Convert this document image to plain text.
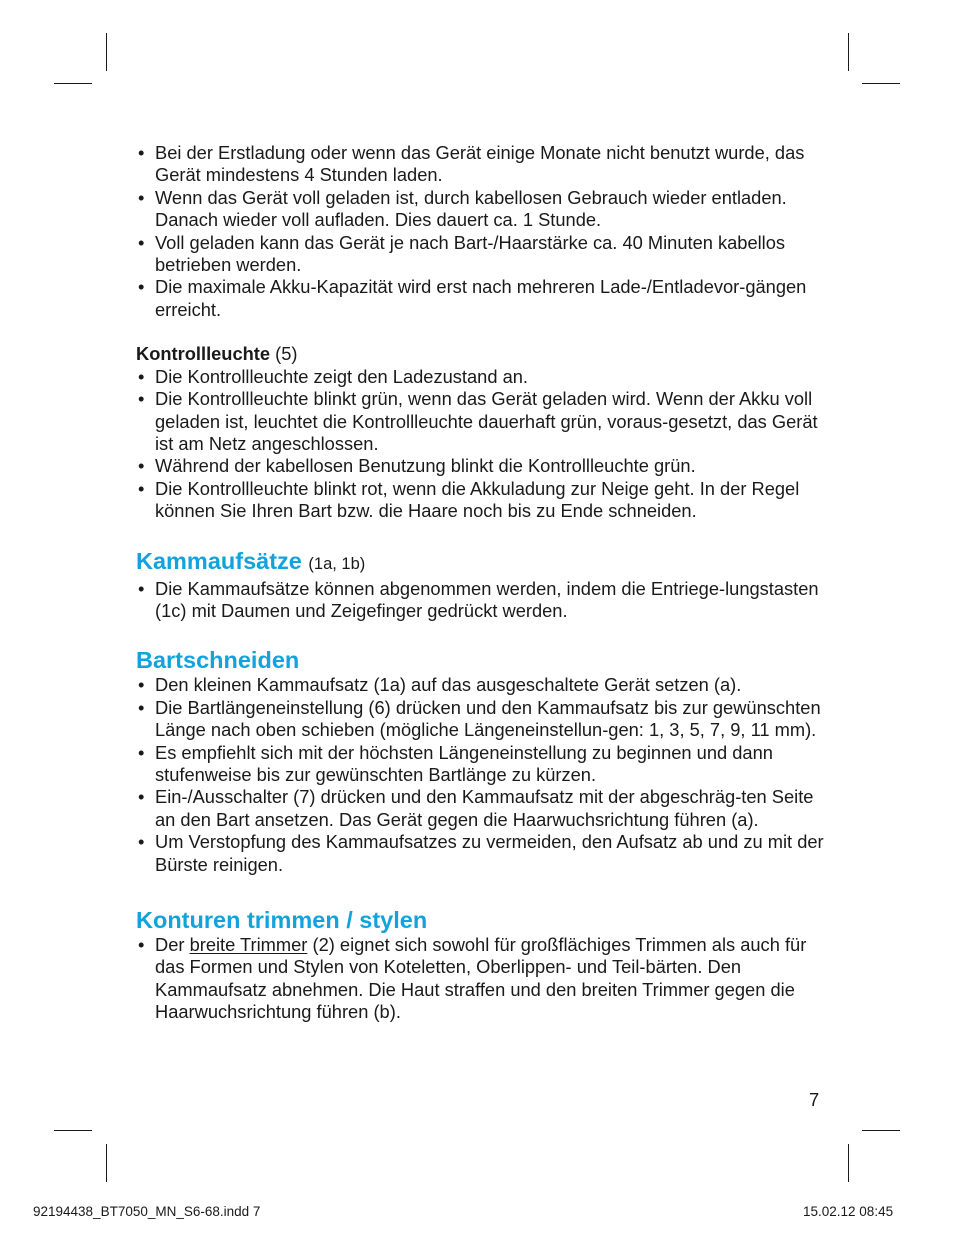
• Bei der Erstladung oder wenn das Gerät einige Monate nicht benutzt wurde, das Gerät mindestens 4 Stunden laden.
• Wenn das Gerät voll geladen ist, durch kabellosen Gebrauch wieder entladen. Danach wieder voll aufladen. Dies dauert ca. 1 Stunde.
• Voll geladen kann das Gerät je nach Bart-/Haarstärke ca. 40 Minuten kabellos betrieben werden.
• Die maximale Akku-Kapazität wird erst nach mehreren Lade-/Entladevor-gängen erreicht.
Kontrollleuchte (5)
• Die Kontrollleuchte zeigt den Ladezustand an.
• Die Kontrollleuchte blinkt grün, wenn das Gerät geladen wird. Wenn der Akku voll geladen ist, leuchtet die Kontrollleuchte dauerhaft grün, voraus-gesetzt, das Gerät ist am Netz angeschlossen.
• Während der kabellosen Benutzung blinkt die Kontrollleuchte grün.
• Die Kontrollleuchte blinkt rot, wenn die Akkuladung zur Neige geht. In der Regel können Sie Ihren Bart bzw. die Haare noch bis zu Ende schneiden.
Kammaufsätze (1a, 1b)
• Die Kammaufsätze können abgenommen werden, indem die Entriege-lungstasten (1c) mit Daumen und Zeigefinger gedrückt werden.
Bartschneiden
• Den kleinen Kammaufsatz (1a) auf das ausgeschaltete Gerät setzen (a).
• Die Bartlängeneinstellung (6) drücken und den Kammaufsatz bis zur gewünschten Länge nach oben schieben (mögliche Längeneinstellun-gen: 1, 3, 5, 7, 9, 11 mm).
• Es empfiehlt sich mit der höchsten Längeneinstellung zu beginnen und dann stufenweise bis zur gewünschten Bartlänge zu kürzen.
• Ein-/Ausschalter (7) drücken und den Kammaufsatz mit der abgeschräg-ten Seite an den Bart ansetzen. Das Gerät gegen die Haarwuchsrichtung führen (a).
• Um Verstopfung des Kammaufsatzes zu vermeiden, den Aufsatz ab und zu mit der Bürste reinigen.
Konturen trimmen / stylen
• Der breite Trimmer (2) eignet sich sowohl für großflächiges Trimmen als auch für das Formen und Stylen von Koteletten, Oberlippen- und Teil-bärten. Den Kammaufsatz abnehmen. Die Haut straffen und den breiten Trimmer gegen die Haarwuchsrichtung führen (b).
7
92194438_BT7050_MN_S6-68.indd 7	15.02.12 08:45
